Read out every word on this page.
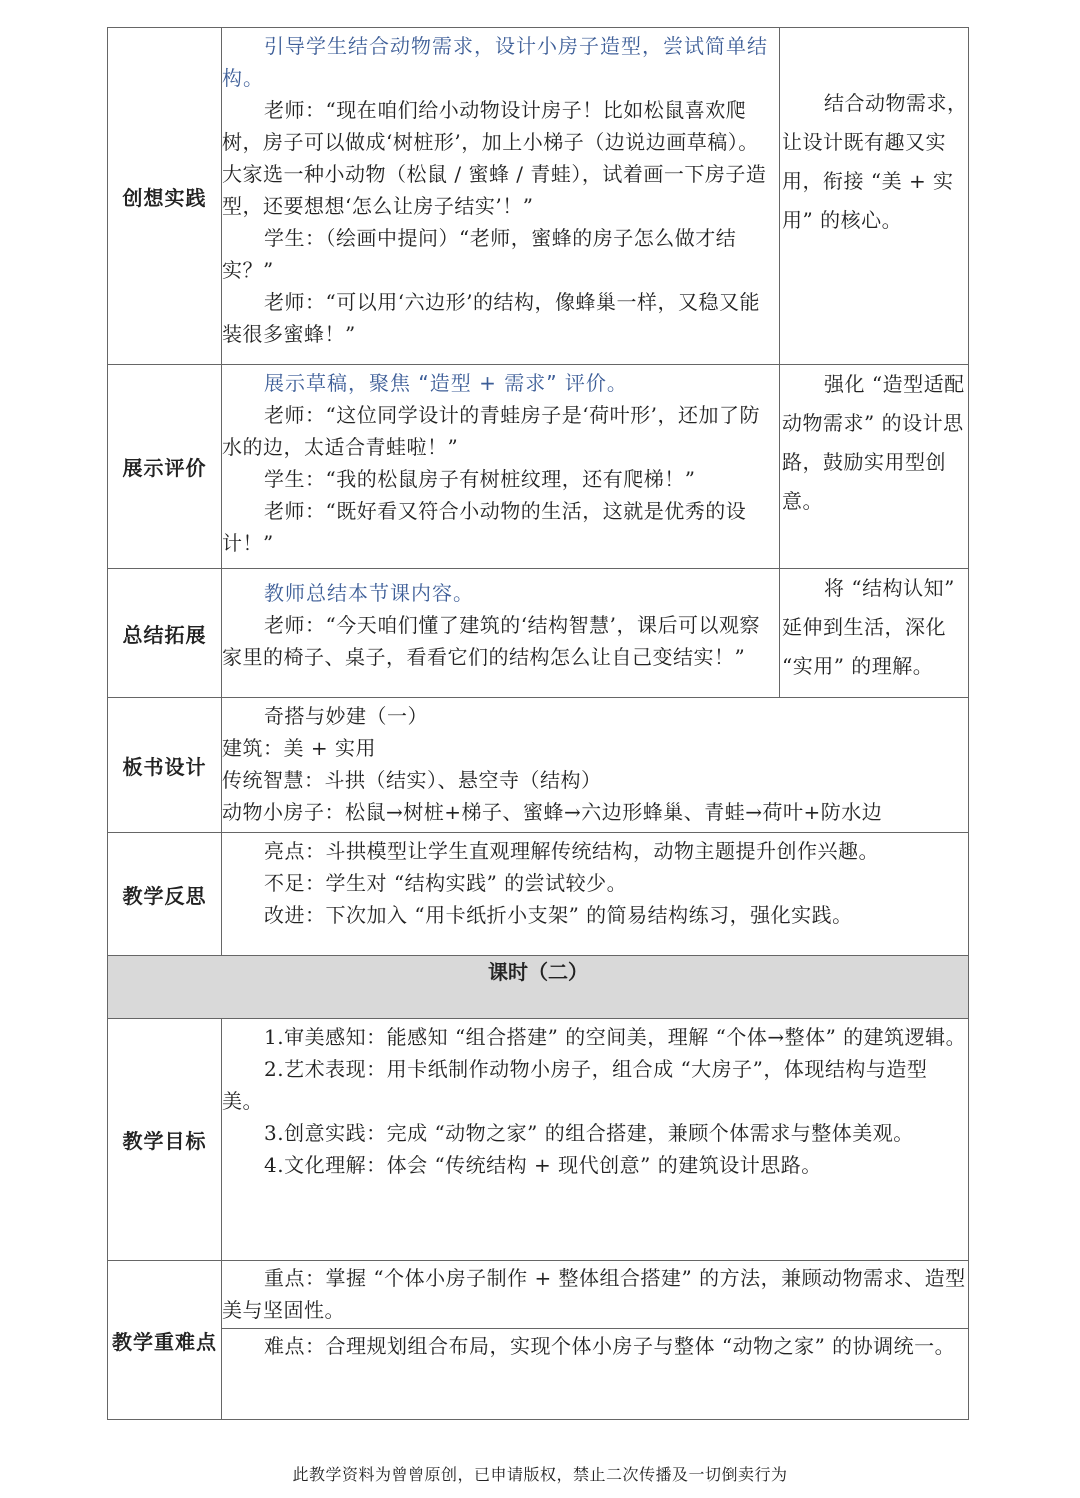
创想实践	引导学生结合动物需求，设计小房子造型，尝试简单结构。

老师：“现在咱们给小动物设计房子！比如松鼠喜欢爬树，房子可以做成‘树桩形’，加上小梯子（边说边画草稿）。大家选一种小动物（松鼠 / 蜜蜂 / 青蛙），试着画一下房子造型，还要想想‘怎么让房子结实’！”

学生：（绘画中提问）“老师，蜜蜂的房子怎么做才结实？”

老师：“可以用‘六边形’的结构，像蜂巢一样，又稳又能装很多蜜蜂！”	结合动物需求，让设计既有趣又实用，衔接 “美 + 实用” 的核心。

展示评价	展示草稿，聚焦 “造型 + 需求” 评价。

老师：“这位同学设计的青蛙房子是‘荷叶形’，还加了防水的边，太适合青蛙啦！”

学生：“我的松鼠房子有树桩纹理，还有爬梯！”

老师：“既好看又符合小动物的生活，这就是优秀的设计！”	强化 “造型适配动物需求” 的设计思路，鼓励实用型创意。

总结拓展	教师总结本节课内容。

老师：“今天咱们懂了建筑的‘结构智慧’，课后可以观察家里的椅子、桌子，看看它们的结构怎么让自己变结实！”	将 “结构认知” 延伸到生活，深化 “实用” 的理解。

板书设计	奇搭与妙建（一）

建筑：美 + 实用

传统智慧：斗拱（结实）、悬空寺（结构）

动物小房子：松鼠→树桩+梯子、蜜蜂→六边形蜂巢、青蛙→荷叶+防水边	

教学反思	亮点：斗拱模型让学生直观理解传统结构，动物主题提升创作兴趣。

不足：学生对 “结构实践” 的尝试较少。

改进：下次加入 “用卡纸折小支架” 的简易结构练习，强化实践。	

课时（二）		
教学目标	1.审美感知：能感知 “组合搭建” 的空间美，理解 “个体→整体” 的建筑逻辑。

2.艺术表现：用卡纸制作动物小房子，组合成 “大房子”，体现结构与造型美。

3.创意实践：完成 “动物之家” 的组合搭建，兼顾个体需求与整体美观。

4.文化理解：体会 “传统结构 + 现代创意” 的建筑设计思路。	

教学重难点	重点：掌握 “个体小房子制作 + 整体组合搭建” 的方法，兼顾动物需求、造型美与坚固性。

难点：合理规划组合布局，实现个体小房子与整体 “动物之家” 的协调统一。	

此教学资料为曾曾原创，已申请版权，禁止二次传播及一切倒卖行为
